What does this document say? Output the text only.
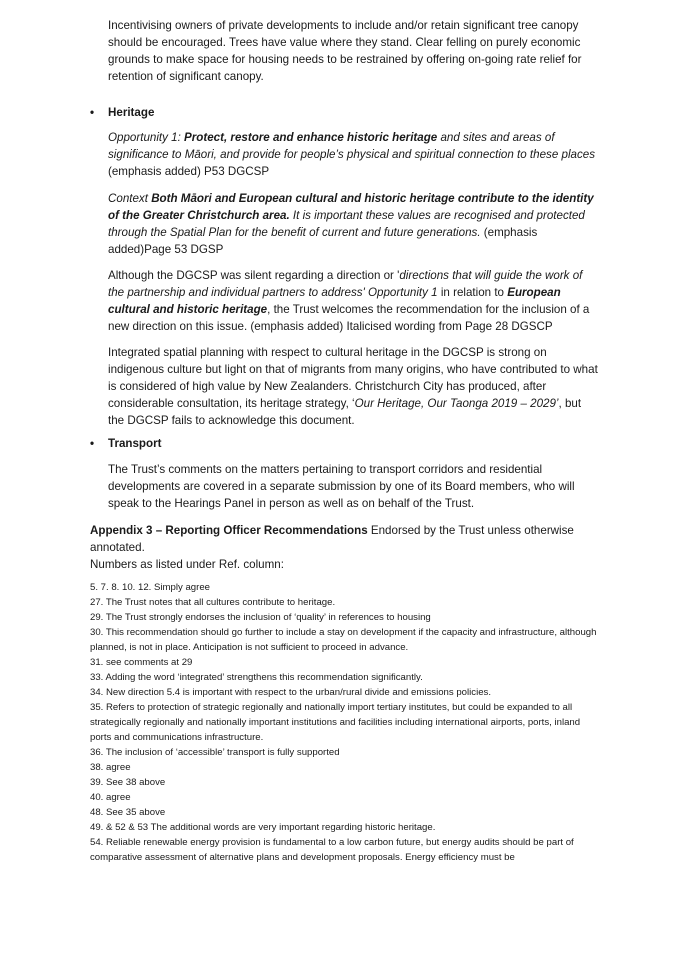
Incentivising owners of private developments to include and/or retain significant tree canopy should be encouraged. Trees have value where they stand. Clear felling on purely economic grounds to make space for housing needs to be restrained by offering on-going rate relief for retention of significant canopy.

• Heritage

Opportunity 1: Protect, restore and enhance historic heritage and sites and areas of significance to Māori, and provide for people’s physical and spiritual connection to these places (emphasis added) P53 DGCSP

Context Both Māori and European cultural and historic heritage contribute to the identity of the Greater Christchurch area. It is important these values are recognised and protected through the Spatial Plan for the benefit of current and future generations. (emphasis added)Page 53 DGSP

Although the DGCSP was silent regarding a direction or 'directions that will guide the work of the partnership and individual partners to address' Opportunity 1 in relation to European cultural and historic heritage, the Trust welcomes the recommendation for the inclusion of a new direction on this issue. (emphasis added) Italicised wording from Page 28 DGSCP

Integrated spatial planning with respect to cultural heritage in the DGCSP is strong on indigenous culture but light on that of migrants from many origins, who have contributed to what is considered of high value by New Zealanders. Christchurch City has produced, after considerable consultation, its heritage strategy, ‘Our Heritage, Our Taonga 2019 – 2029’, but the DGCSP fails to acknowledge this document.

• Transport

The Trust’s comments on the matters pertaining to transport corridors and residential developments are covered in a separate submission by one of its Board members, who will speak to the Hearings Panel in person as well as on behalf of the Trust.

Appendix 3 – Reporting Officer Recommendations Endorsed by the Trust unless otherwise annotated.

Numbers as listed under Ref. column:

5. 7. 8. 10. 12. Simply agree
27. The Trust notes that all cultures contribute to heritage.
29. The Trust strongly endorses the inclusion of ‘quality’ in references to housing
30. This recommendation should go further to include a stay on development if the capacity and infrastructure, although planned, is not in place. Anticipation is not sufficient to proceed in advance.
31. see comments at 29
33. Adding the word ‘integrated’ strengthens this recommendation significantly.
34. New direction 5.4 is important with respect to the urban/rural divide and emissions policies.
35. Refers to protection of strategic regionally and nationally import tertiary institutes, but could be expanded to all strategically regionally and nationally important institutions and facilities including international airports, ports, inland ports and communications infrastructure.
36. The inclusion of ‘accessible’ transport is fully supported
38. agree
39. See 38 above
40. agree
48. See 35 above
49. & 52 & 53 The additional words are very important regarding historic heritage.
54. Reliable renewable energy provision is fundamental to a low carbon future, but energy audits should be part of comparative assessment of alternative plans and development proposals. Energy efficiency must be
